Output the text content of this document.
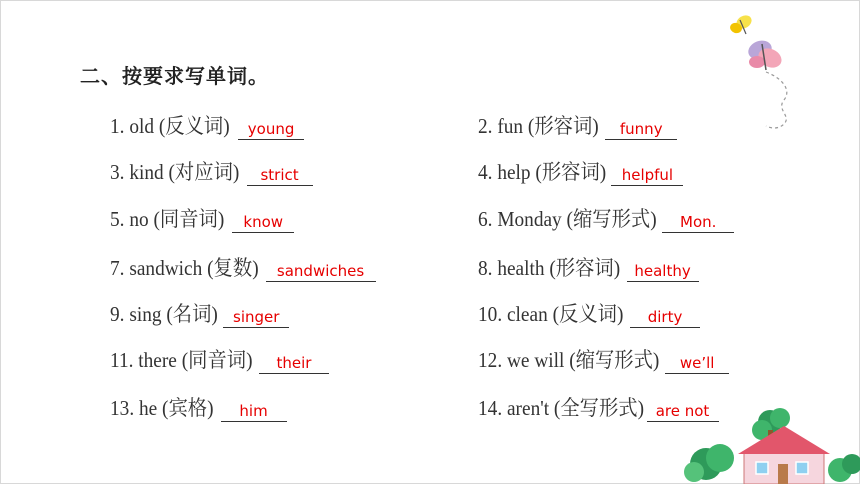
二、按要求写单词。
1. old (反义词)	young
3. kind (对应词)	strict
5. no (同音词)	know
7. sandwich (复数)	sandwiches
9. sing (名词)	singer
11. there (同音词)	their
13. he (宾格)	him
2. fun (形容词)	funny
4. help (形容词)	helpful
6. Monday (缩写形式)	Mon.
8. health (形容词) healthy
10. clean (反义词)	dirty
12. we will (缩写形式)	we’ll
14. aren't (全写形式) are not
